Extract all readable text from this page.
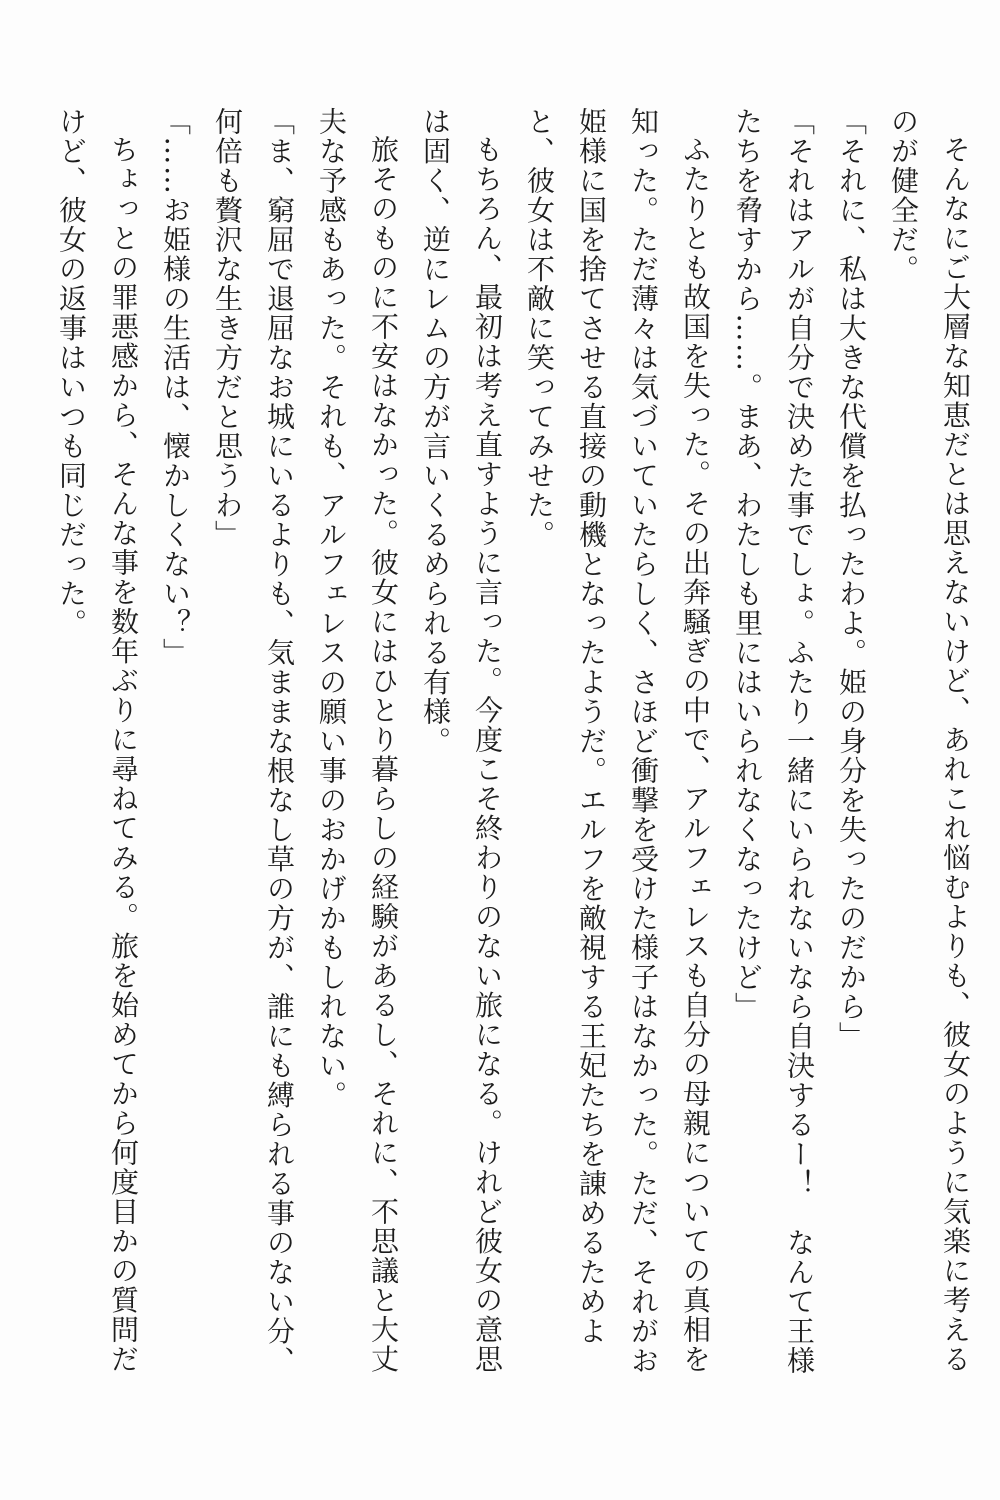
そんなにご大層な知恵だとは思えないけど、あれこれ悩むよりも、彼女のように気楽に考えるのが健全だ。

「それに、私は大きな代償を払ったわよ。姫の身分を失ったのだから」

「それはアルが自分で決めた事でしょ。ふたり一緒にいられないなら自決するー！　なんて王様たちを脅すから……。まあ、わたしも里にはいられなくなったけど」

ふたりとも故国を失った。その出奔騒ぎの中で、アルフェレスも自分の母親についての真相を知った。ただ薄々は気づいていたらしく、さほど衝撃を受けた様子はなかった。ただ、それがお姫様に国を捨てさせる直接の動機となったようだ。エルフを敵視する王妃たちを諌めるためよと、彼女は不敵に笑ってみせた。

もちろん、最初は考え直すように言った。今度こそ終わりのない旅になる。けれど彼女の意思は固く、逆にレムの方が言いくるめられる有様。

旅そのものに不安はなかった。彼女にはひとり暮らしの経験があるし、それに、不思議と大丈夫な予感もあった。それも、アルフェレスの願い事のおかげかもしれない。

「ま、窮屈で退屈なお城にいるよりも、気ままな根なし草の方が、誰にも縛られる事のない分、何倍も贅沢な生き方だと思うわ」

「……お姫様の生活は、懐かしくない？」

ちょっとの罪悪感から、そんな事を数年ぶりに尋ねてみる。旅を始めてから何度目かの質問だけど、彼女の返事はいつも同じだった。
